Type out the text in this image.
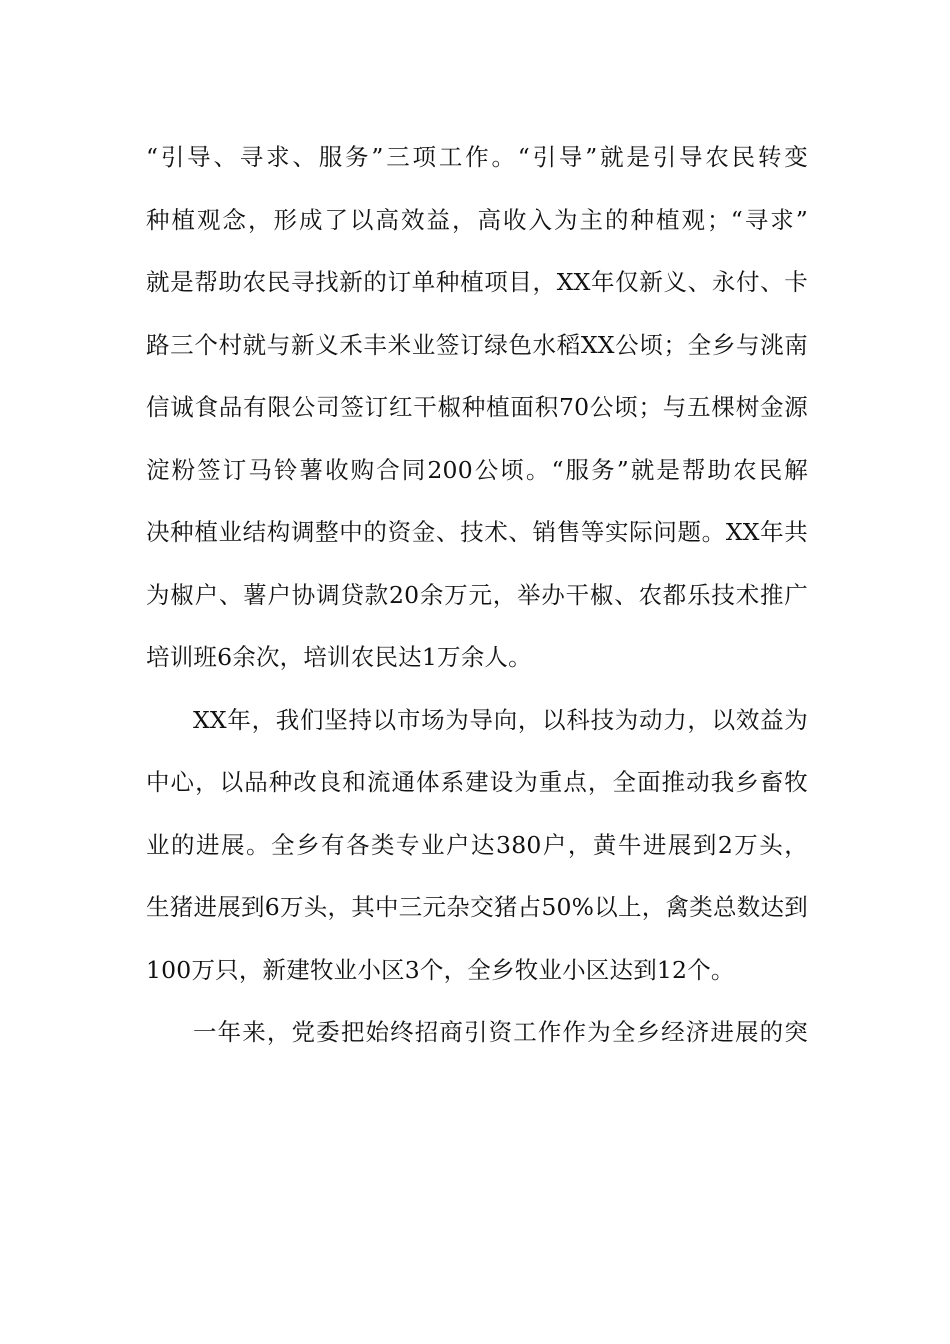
“引导、寻求、服务”三项工作。“引导”就是引导农民转变
种植观念，形成了以高效益，高收入为主的种植观；“寻求”
就是帮助农民寻找新的订单种植项目，XX年仅新义、永付、卡
路三个村就与新义禾丰米业签订绿色水稻XX公顷；全乡与洮南
信诚食品有限公司签订红干椒种植面积70公顷；与五棵树金源
淀粉签订马铃薯收购合同200公顷。“服务”就是帮助农民解
决种植业结构调整中的资金、技术、销售等实际问题。XX年共
为椒户、薯户协调贷款20余万元，举办干椒、农都乐技术推广
培训班6余次，培训农民达1万余人。
XX年，我们坚持以市场为导向，以科技为动力，以效益为
中心，以品种改良和流通体系建设为重点，全面推动我乡畜牧
业的进展。全乡有各类专业户达380户，黄牛进展到2万头，
生猪进展到6万头，其中三元杂交猪占50%以上，禽类总数达到
100万只，新建牧业小区3个，全乡牧业小区达到12个。
一年来，党委把始终招商引资工作作为全乡经济进展的突
